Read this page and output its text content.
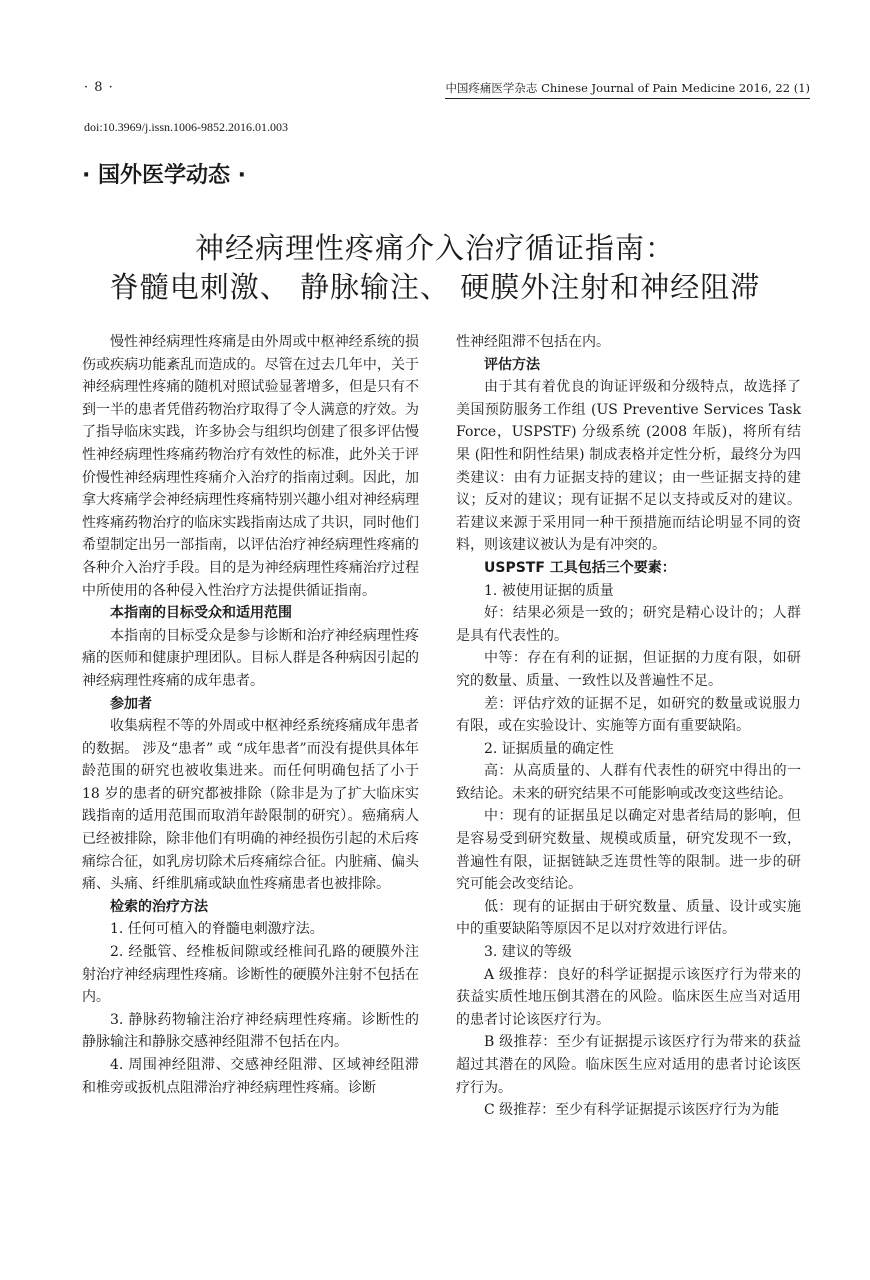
· 8 ·	中国疼痛医学杂志 Chinese Journal of Pain Medicine 2016, 22 (1)
doi:10.3969/j.issn.1006-9852.2016.01.003
· 国外医学动态 ·
神经病理性疼痛介入治疗循证指南：
脊髓电刺激、 静脉输注、 硬膜外注射和神经阻滞

慢性神经病理性疼痛是由外周或中枢神经系统的损伤或疾病功能紊乱而造成的。尽管在过去几年中，关于神经病理性疼痛的随机对照试验显著增多，但是只有不到一半的患者凭借药物治疗取得了令人满意的疗效。为了指导临床实践，许多协会与组织均创建了很多评估慢性神经病理性疼痛药物治疗有效性的标准，此外关于评价慢性神经病理性疼痛介入治疗的指南过剩。因此，加拿大疼痛学会神经病理性疼痛特别兴趣小组对神经病理性疼痛药物治疗的临床实践指南达成了共识，同时他们希望制定出另一部指南，以评估治疗神经病理性疼痛的各种介入治疗手段。目的是为神经病理性疼痛治疗过程中所使用的各种侵入性治疗方法提供循证指南。

本指南的目标受众和适用范围

本指南的目标受众是参与诊断和治疗神经病理性疼痛的医师和健康护理团队。目标人群是各种病因引起的神经病理性疼痛的成年患者。

参加者

收集病程不等的外周或中枢神经系统疼痛成年患者的数据。 涉及“患者” 或 “成年患者”而没有提供具体年龄范围的研究也被收集进来。而任何明确包括了小于 18 岁的患者的研究都被排除（除非是为了扩大临床实践指南的适用范围而取消年龄限制的研究）。癌痛病人已经被排除，除非他们有明确的神经损伤引起的术后疼痛综合征，如乳房切除术后疼痛综合征。内脏痛、偏头痛、头痛、纤维肌痛或缺血性疼痛患者也被排除。

检索的治疗方法

1. 任何可植入的脊髓电刺激疗法。

2. 经骶管、经椎板间隙或经椎间孔路的硬膜外注射治疗神经病理性疼痛。诊断性的硬膜外注射不包括在内。

3. 静脉药物输注治疗神经病理性疼痛。诊断性的静脉输注和静脉交感神经阻滞不包括在内。

4. 周围神经阻滞、交感神经阻滞、区域神经阻滞和椎旁或扳机点阻滞治疗神经病理性疼痛。诊断

性神经阻滞不包括在内。

评估方法

由于其有着优良的询证评级和分级特点，故选择了美国预防服务工作组 (US Preventive Services Task Force，USPSTF) 分级系统 (2008 年版)，将所有结果 (阳性和阴性结果) 制成表格并定性分析，最终分为四类建议：由有力证据支持的建议；由一些证据支持的建议；反对的建议；现有证据不足以支持或反对的建议。若建议来源于采用同一种干预措施而结论明显不同的资料，则该建议被认为是有冲突的。

USPSTF 工具包括三个要素：

1. 被使用证据的质量

好：结果必须是一致的；研究是精心设计的；人群是具有代表性的。

中等：存在有利的证据，但证据的力度有限，如研究的数量、质量、一致性以及普遍性不足。

差：评估疗效的证据不足，如研究的数量或说服力有限，或在实验设计、实施等方面有重要缺陷。

2. 证据质量的确定性

高：从高质量的、人群有代表性的研究中得出的一致结论。未来的研究结果不可能影响或改变这些结论。

中：现有的证据虽足以确定对患者结局的影响，但是容易受到研究数量、规模或质量，研究发现不一致，普遍性有限，证据链缺乏连贯性等的限制。进一步的研究可能会改变结论。

低：现有的证据由于研究数量、质量、设计或实施中的重要缺陷等原因不足以对疗效进行评估。

3. 建议的等级

A 级推荐：良好的科学证据提示该医疗行为带来的获益实质性地压倒其潜在的风险。临床医生应当对适用的患者讨论该医疗行为。

B 级推荐：至少有证据提示该医疗行为带来的获益超过其潜在的风险。临床医生应对适用的患者讨论该医疗行为。

C 级推荐：至少有科学证据提示该医疗行为为能
